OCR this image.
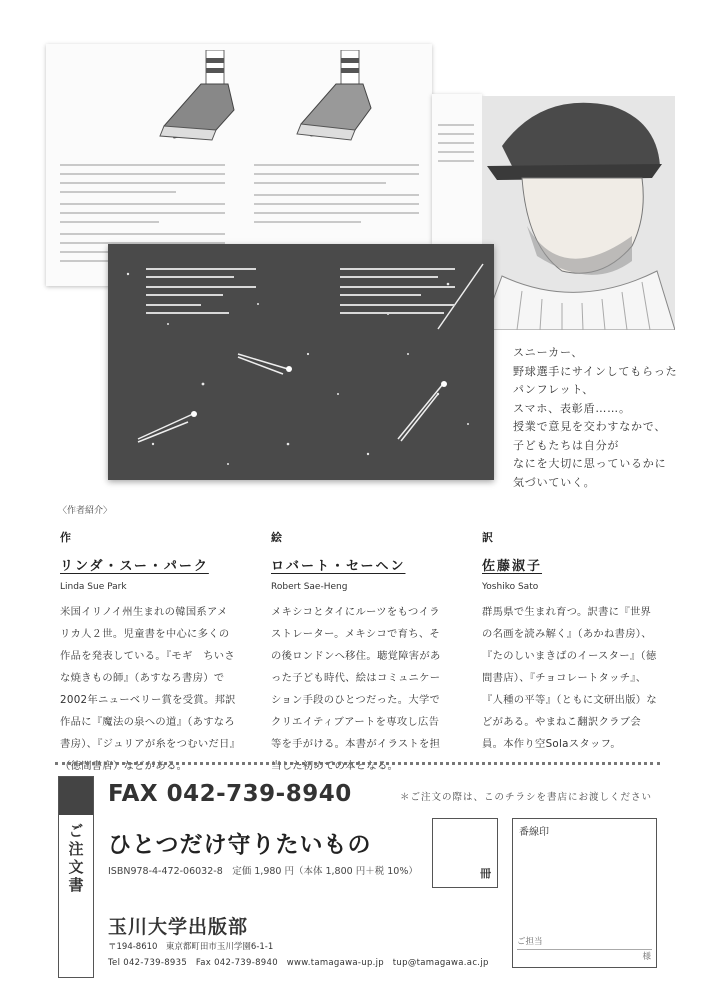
スニーカー、
野球選手にサインしてもらった
パンフレット、
スマホ、表彰盾……。
授業で意見を交わすなかで、
子どもたちは自分が
なにを大切に思っているかに
気づいていく。
〈作者紹介〉
作
リンダ・スー・パーク
Linda Sue Park
米国イリノイ州生まれの韓国系アメリカ人２世。児童書を中心に多くの作品を発表している。『モギ　ちいさな焼きもの師』（あすなろ書房）で2002年ニューベリー賞を受賞。邦訳作品に『魔法の泉への道』（あすなろ書房）、『ジュリアが糸をつむいだ日』（徳間書店）などがある。
絵
ロバート・セーヘン
Robert Sae-Heng
メキシコとタイにルーツをもつイラストレーター。メキシコで育ち、その後ロンドンへ移住。聴覚障害があった子ども時代、絵はコミュニケーション手段のひとつだった。大学でクリエイティブアートを専攻し広告等を手がける。本書がイラストを担当した初めての本となる。
訳
佐藤淑子
Yoshiko Sato
群馬県で生まれ育つ。訳書に『世界の名画を読み解く』（あかね書房）、『たのしいまきばのイースター』（徳間書店）、『チョコレートタッチ』、『人種の平等』（ともに文研出版）などがある。やまねこ翻訳クラブ会員。本作り空Solaスタッフ。
ご注文書
FAX 042-739-8940	＊ご注文の際は、このチラシを書店にお渡しください
ひとつだけ守りたいもの
ISBN978-4-472-06032-8　定価 1,980 円（本体 1,800 円＋税 10%）	冊
番線印
ご担当
様
玉川大学出版部
〒194-8610　東京都町田市玉川学園6-1-1
Tel 042-739-8935　Fax 042-739-8940　www.tamagawa-up.jp　tup@tamagawa.ac.jp
